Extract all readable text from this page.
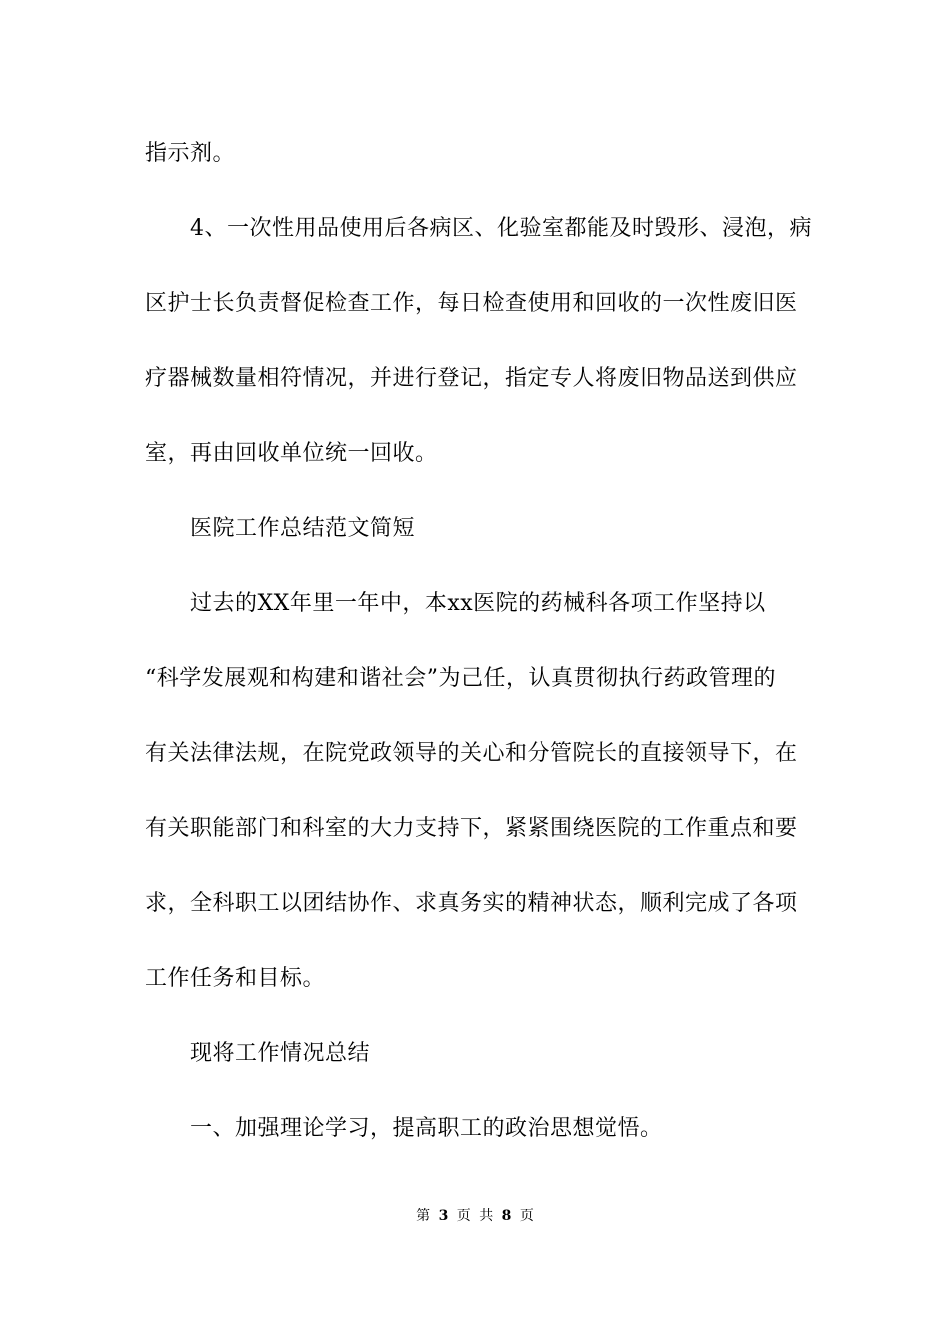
指示剂。
4、一次性用品使用后各病区、化验室都能及时毁形、浸泡，病
区护士长负责督促检查工作，每日检查使用和回收的一次性废旧医
疗器械数量相符情况，并进行登记，指定专人将废旧物品送到供应
室，再由回收单位统一回收。
医院工作总结范文简短
过去的XX年里一年中，本xx医院的药械科各项工作坚持以
“科学发展观和构建和谐社会”为己任，认真贯彻执行药政管理的
有关法律法规，在院党政领导的关心和分管院长的直接领导下，在
有关职能部门和科室的大力支持下，紧紧围绕医院的工作重点和要
求，全科职工以团结协作、求真务实的精神状态，顺利完成了各项
工作任务和目标。
现将工作情况总结
一、加强理论学习，提高职工的政治思想觉悟。
第 3 页 共 8 页
